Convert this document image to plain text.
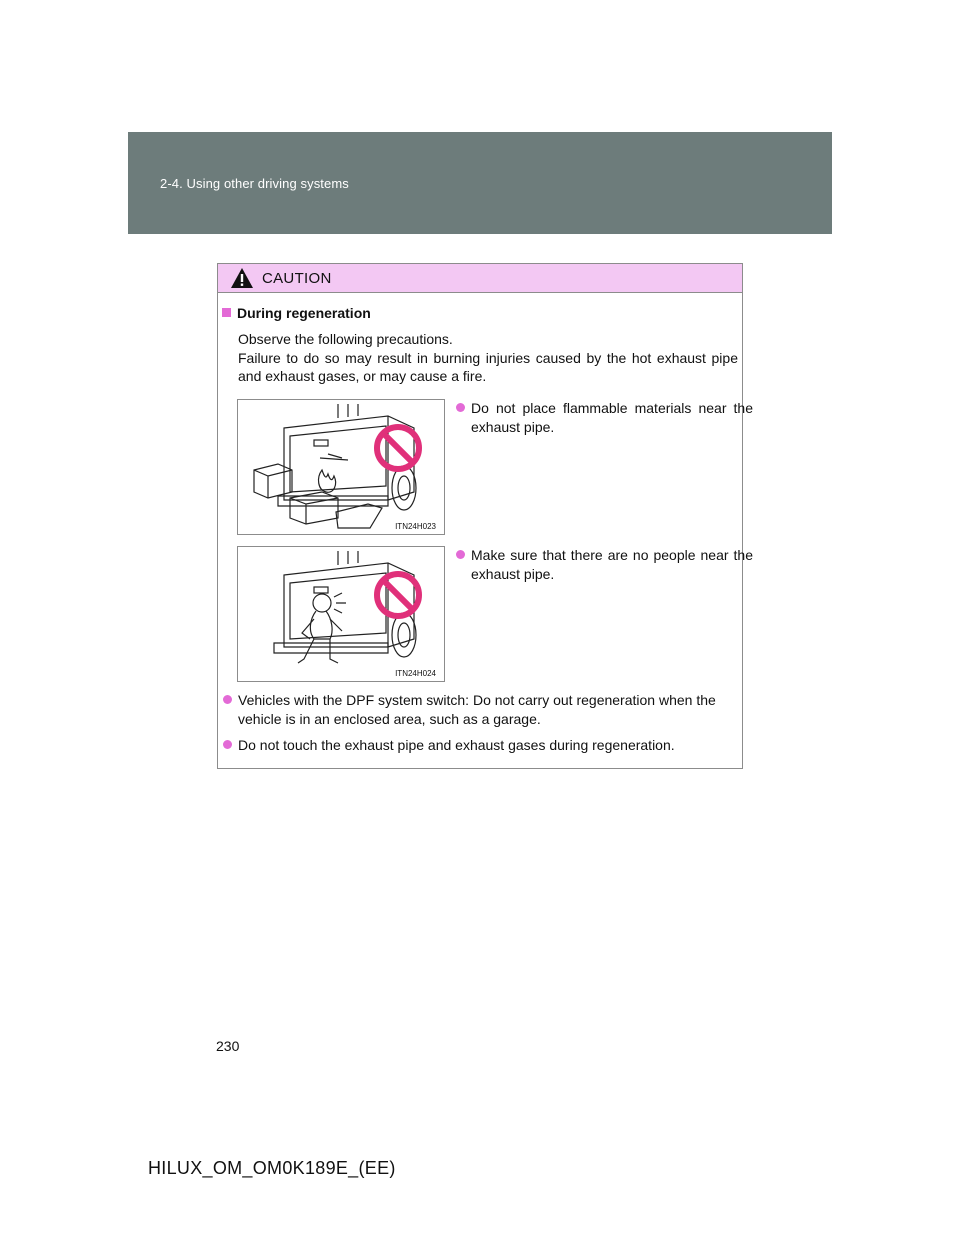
2-4. Using other driving systems
CAUTION
During regeneration

Observe the following precautions.

Failure to do so may result in burning injuries caused by the hot exhaust pipe and exhaust gases, or may cause a fire.

ITN24H023
Do not place flammable materials near the exhaust pipe.
ITN24H024
Make sure that there are no people near the exhaust pipe.
Vehicles with the DPF system switch: Do not carry out regeneration when the vehicle is in an enclosed area, such as a garage.
Do not touch the exhaust pipe and exhaust gases during regeneration.
230
HILUX_OM_OM0K189E_(EE)
